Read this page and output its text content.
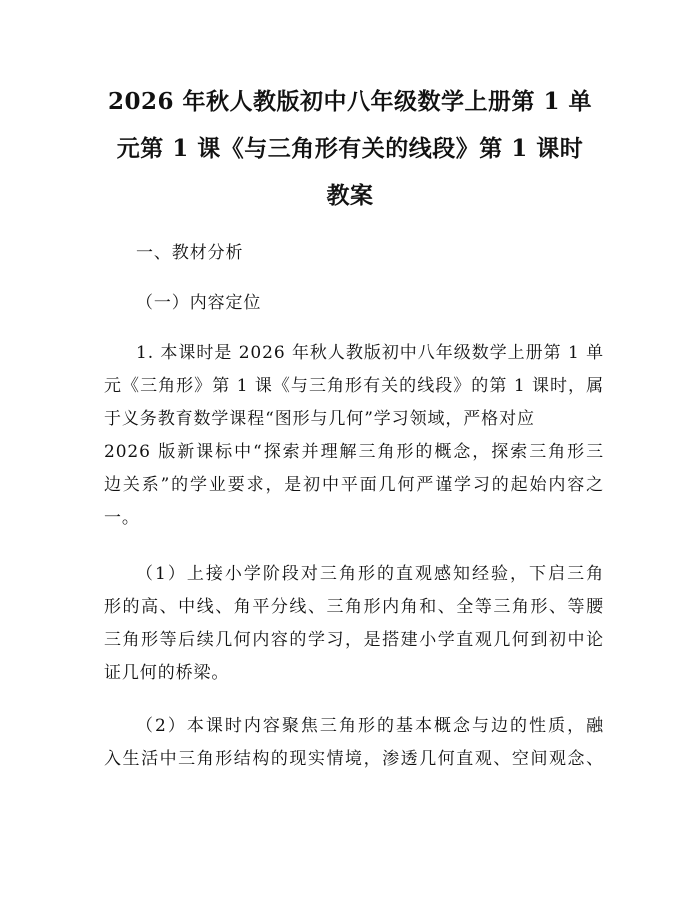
2026 年秋人教版初中八年级数学上册第 1 单
元第 1 课《与三角形有关的线段》第 1 课时
教案

一、教材分析

（一）内容定位

1. 本课时是 2026 年秋人教版初中八年级数学上册第 1 单

元《三角形》第 1 课《与三角形有关的线段》的第 1 课时，属

于义务教育数学课程“图形与几何”学习领域，严格对应

2026 版新课标中“探索并理解三角形的概念，探索三角形三

边关系”的学业要求，是初中平面几何严谨学习的起始内容之

一。

（1）上接小学阶段对三角形的直观感知经验，下启三角

形的高、中线、角平分线、三角形内角和、全等三角形、等腰

三角形等后续几何内容的学习，是搭建小学直观几何到初中论

证几何的桥梁。

（2）本课时内容聚焦三角形的基本概念与边的性质，融

入生活中三角形结构的现实情境，渗透几何直观、空间观念、
